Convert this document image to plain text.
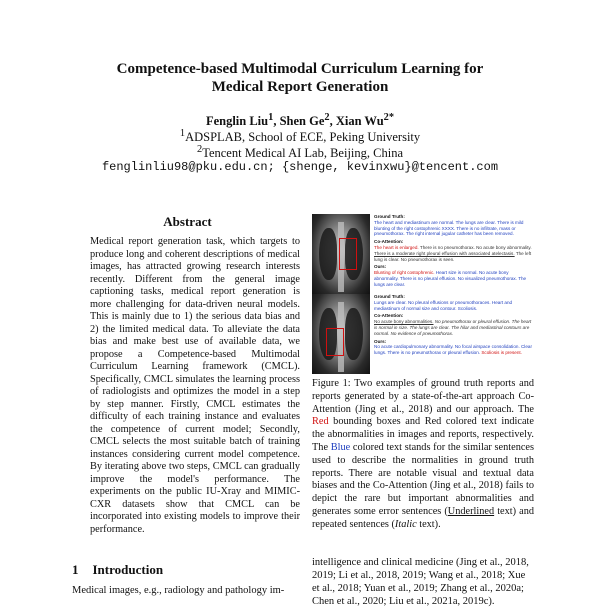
Competence-based Multimodal Curriculum Learning for
Medical Report Generation
Fenglin Liu$^1$, Shen Ge$^2$, Xian $Wu^{2*}$
$^1$ADSPLAB, School of ECE, Peking University
$^2$Tencent Medical AI Lab, Beijing, China
fenglinliu98@pku.edu.cn; {shenge, kevinxwu}@tencent.com
Abstract
Medical report generation task, which targets to produce long and coherent descriptions of medical images, has attracted growing research interests recently. Different from the general image captioning tasks, medical report generation is more challenging for data-driven neural models. This is mainly due to 1) the serious data bias and 2) the limited medical data. To alleviate the data bias and make best use of available data, we propose a Competence-based Multimodal Curriculum Learning framework (CMCL). Specifically, CMCL simulates the learning process of radiologists and optimizes the model in a step by step manner. Firstly, CMCL estimates the difficulty of each training instance and evaluates the competence of current model; Secondly, CMCL selects the most suitable batch of training instances considering current model competence. By iterating above two steps, CMCL can gradually improve the model's performance. The experiments on the public IU-Xray and MIMIC-CXR datasets show that CMCL can be incorporated into existing models to improve their performance.
1 Introduction
Medical images, e.g., radiology and pathology im-
Ground Truth:
The heart and mediastinum are normal. The lungs are clear. There is mild blunting of the right costophrenic XXXX. There is no infiltrate, mass or pneumothorax. The right internal jugular catheter has been removed.
Co-Attention:
The heart is enlarged. There is no pneumothorax. No acute bony abnormality. There is a moderate right pleural effusion with associated atelectasis. The left lung is clear. No pneumothorax is seen.
Ours:
Blunting of right costophrenic. Heart size is normal. No acute bony abnormality. There is no pleural effusion. No visualized pneumothorax. The lungs are clear.
Ground Truth:
Lungs are clear. No pleural effusions or pneumothoraces. Heart and mediastinum of normal size and contour. Scoliosis.
Co-Attention:
No acute bony abnormalities. No pneumothorax or pleural effusion. The heart is normal in size. The lungs are clear. The hilar and mediastinal contours are normal. No evidence of pneumothorax.
Ours:
No acute cardiopulmonary abnormality. No focal airspace consolidation. Clear lungs. There is no pneumothorax or pleural effusion. Scoliosis is present.
Figure 1: Two examples of ground truth reports and reports generated by a state-of-the-art approach Co-Attention (Jing et al., 2018) and our approach. The Red bounding boxes and Red colored text indicate the abnormalities in images and reports, respectively. The Blue colored text stands for the similar sentences used to describe the normalities in ground truth reports. There are notable visual and textual data biases and the Co-Attention (Jing et al., 2018) fails to depict the rare but important abnormalities and generates some error sentences (Underlined text) and repeated sentences (Italic text).
intelligence and clinical medicine (Jing et al., 2018, 2019; Li et al., 2018, 2019; Wang et al., 2018; Xue et al., 2018; Yuan et al., 2019; Zhang et al., 2020a; Chen et al., 2020; Liu et al., 2021a, 2019c).
